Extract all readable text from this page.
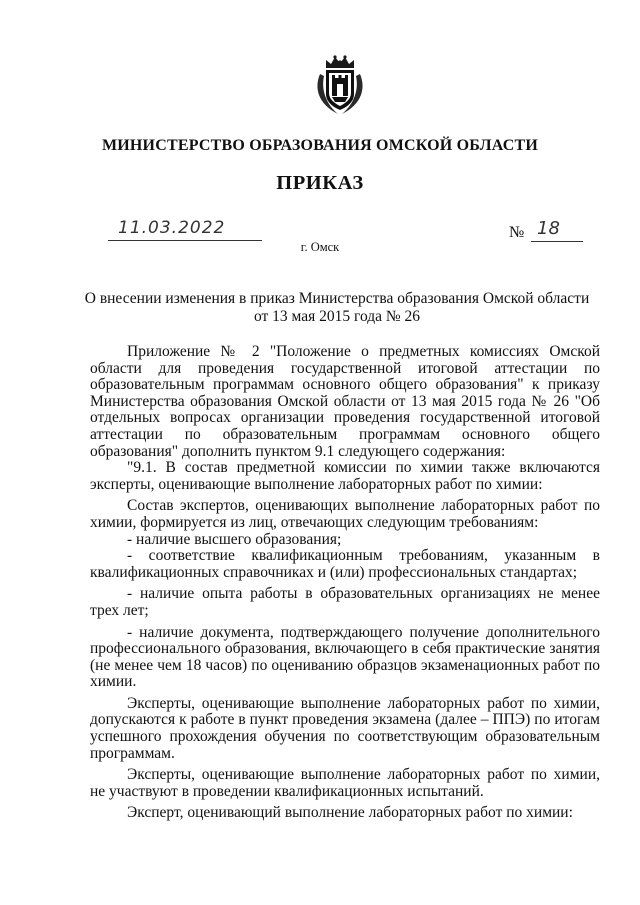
МИНИСТЕРСТВО ОБРАЗОВАНИЯ ОМСКОЙ ОБЛАСТИ
ПРИКАЗ
11.03.2022	№ 18
г. Омск
О внесении изменения в приказ Министерства образования Омской области
от 13 мая 2015 года № 26

Приложение № 2 "Положение о предметных комиссиях Омской области для проведения государственной итоговой аттестации по образовательным программам основного общего образования" к приказу Министерства образования Омской области от 13 мая 2015 года № 26 "Об отдельных вопросах организации проведения государственной итоговой аттестации по образовательным программам основного общего образования" дополнить пунктом 9.1 следующего содержания:

"9.1. В состав предметной комиссии по химии также включаются эксперты, оценивающие выполнение лабораторных работ по химии:

Состав экспертов, оценивающих выполнение лабораторных работ по химии, формируется из лиц, отвечающих следующим требованиям:

- наличие высшего образования;

- соответствие квалификационным требованиям, указанным в квалификационных справочниках и (или) профессиональных стандартах;

- наличие опыта работы в образовательных организациях не менее трех лет;

- наличие документа, подтверждающего получение дополнительного профессионального образования, включающего в себя практические занятия (не менее чем 18 часов) по оцениванию образцов экзаменационных работ по химии.

Эксперты, оценивающие выполнение лабораторных работ по химии, допускаются к работе в пункт проведения экзамена (далее – ППЭ) по итогам успешного прохождения обучения по соответствующим образовательным программам.

Эксперты, оценивающие выполнение лабораторных работ по химии, не участвуют в проведении квалификационных испытаний.

Эксперт, оценивающий выполнение лабораторных работ по химии:
